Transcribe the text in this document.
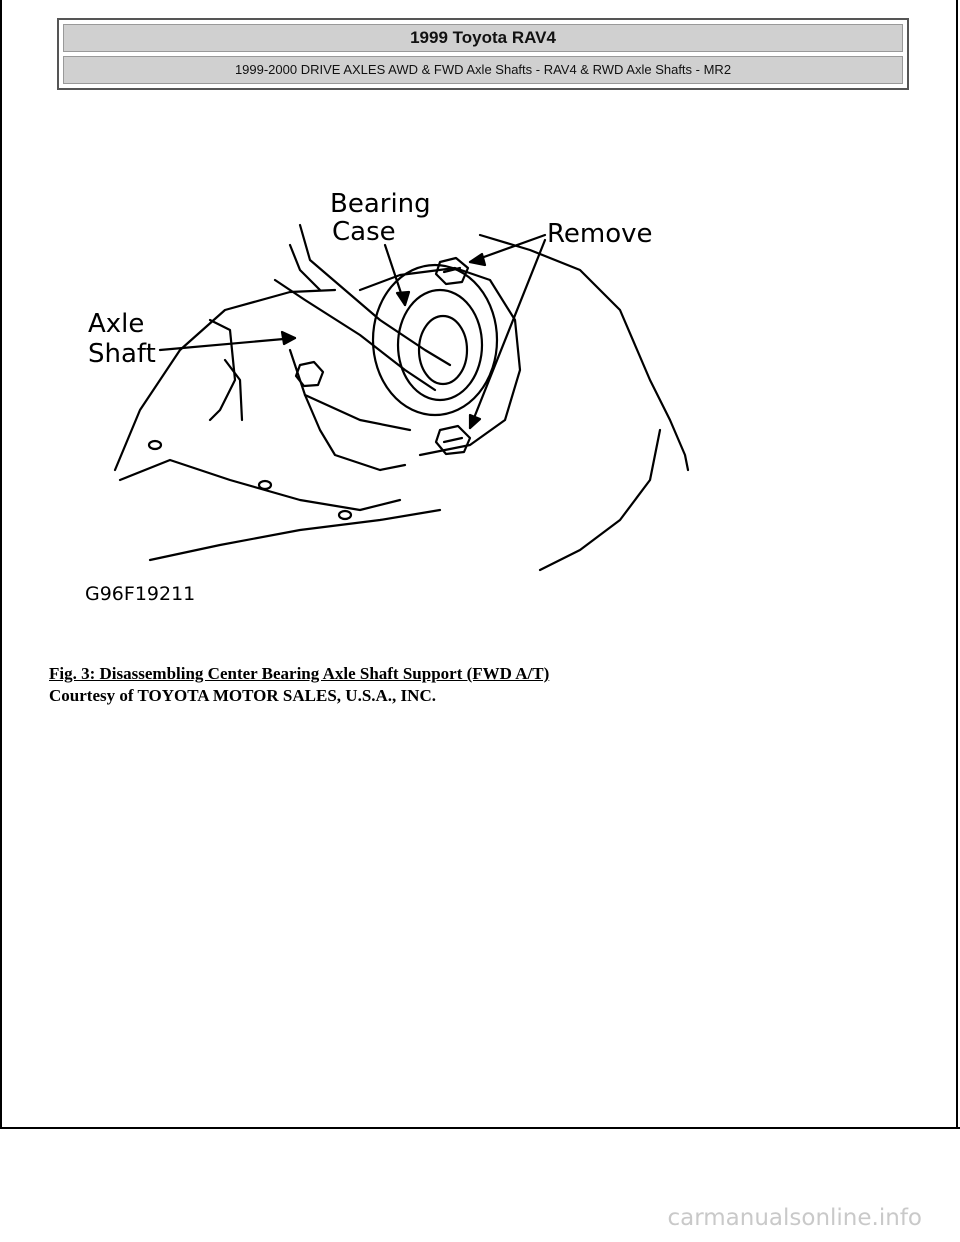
1999 Toyota RAV4
1999-2000 DRIVE AXLES AWD & FWD Axle Shafts - RAV4 & RWD Axle Shafts - MR2
Bearing
Case	Remove
Axle
Shaft
G96F19211
Fig. 3: Disassembling Center Bearing Axle Shaft Support (FWD A/T)
Courtesy of TOYOTA MOTOR SALES, U.S.A., INC.
carmanualsonline.info
